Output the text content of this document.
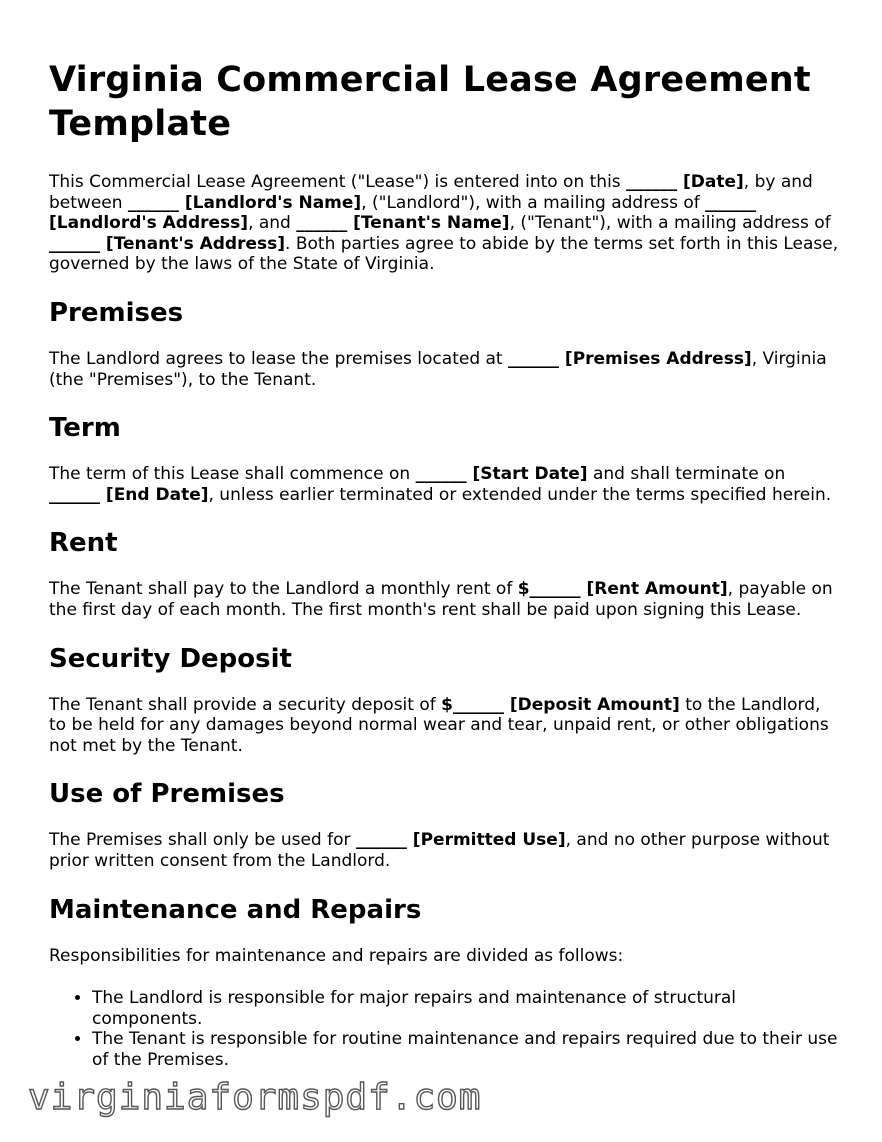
Virginia Commercial Lease Agreement Template

This Commercial Lease Agreement ("Lease") is entered into on this ______ [Date], by and between ______ [Landlord's Name], ("Landlord"), with a mailing address of ______ [Landlord's Address], and ______ [Tenant's Name], ("Tenant"), with a mailing address of ______ [Tenant's Address]. Both parties agree to abide by the terms set forth in this Lease, governed by the laws of the State of Virginia.

Premises

The Landlord agrees to lease the premises located at ______ [Premises Address], Virginia (the "Premises"), to the Tenant.

Term

The term of this Lease shall commence on ______ [Start Date] and shall terminate on ______ [End Date], unless earlier terminated or extended under the terms specified herein.

Rent

The Tenant shall pay to the Landlord a monthly rent of $______ [Rent Amount], payable on the first day of each month. The first month's rent shall be paid upon signing this Lease.

Security Deposit

The Tenant shall provide a security deposit of $______ [Deposit Amount] to the Landlord, to be held for any damages beyond normal wear and tear, unpaid rent, or other obligations not met by the Tenant.

Use of Premises

The Premises shall only be used for ______ [Permitted Use], and no other purpose without prior written consent from the Landlord.

Maintenance and Repairs

Responsibilities for maintenance and repairs are divided as follows:

• The Landlord is responsible for major repairs and maintenance of structural components.
• The Tenant is responsible for routine maintenance and repairs required due to their use of the Premises.
virginiaformspdf.com
